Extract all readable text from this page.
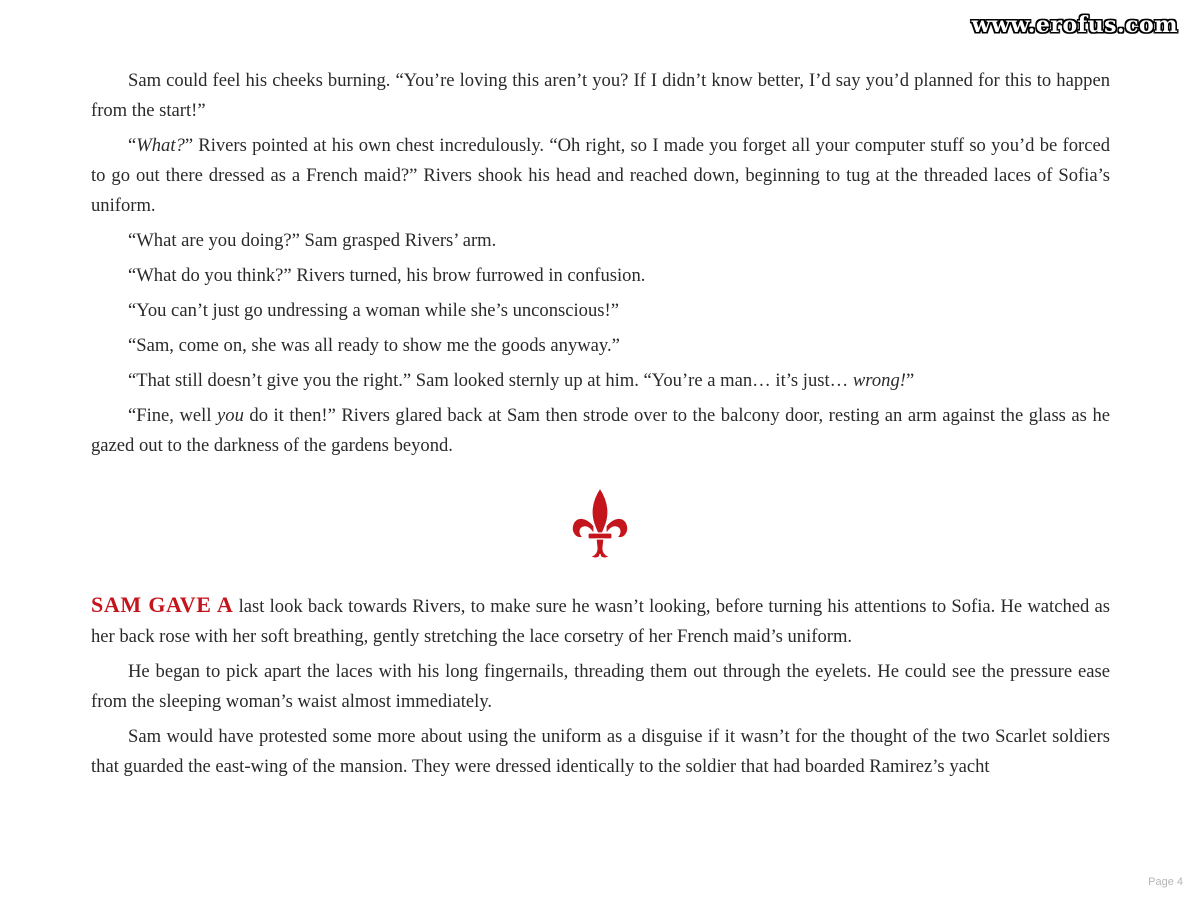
www.erofus.com

Sam could feel his cheeks burning. “You’re loving this aren’t you? If I didn’t know better, I’d say you’d planned for this to happen from the start!”

“What?” Rivers pointed at his own chest incredulously. “Oh right, so I made you forget all your computer stuff so you’d be forced to go out there dressed as a French maid?” Rivers shook his head and reached down, beginning to tug at the threaded laces of Sofia’s uniform.

“What are you doing?” Sam grasped Rivers’ arm.

“What do you think?” Rivers turned, his brow furrowed in confusion.

“You can’t just go undressing a woman while she’s unconscious!”

“Sam, come on, she was all ready to show me the goods anyway.”

“That still doesn’t give you the right.” Sam looked sternly up at him. “You’re a man… it’s just… wrong!”

“Fine, well you do it then!” Rivers glared back at Sam then strode over to the balcony door, resting an arm against the glass as he gazed out to the darkness of the gardens beyond.

SAM GAVE A last look back towards Rivers, to make sure he wasn’t looking, before turning his attentions to Sofia. He watched as her back rose with her soft breathing, gently stretching the lace corsetry of her French maid’s uniform.

He began to pick apart the laces with his long fingernails, threading them out through the eyelets. He could see the pressure ease from the sleeping woman’s waist almost immediately.

Sam would have protested some more about using the uniform as a disguise if it wasn’t for the thought of the two Scarlet soldiers that guarded the east-wing of the mansion. They were dressed identically to the soldier that had boarded Ramirez’s yacht

Page 4
